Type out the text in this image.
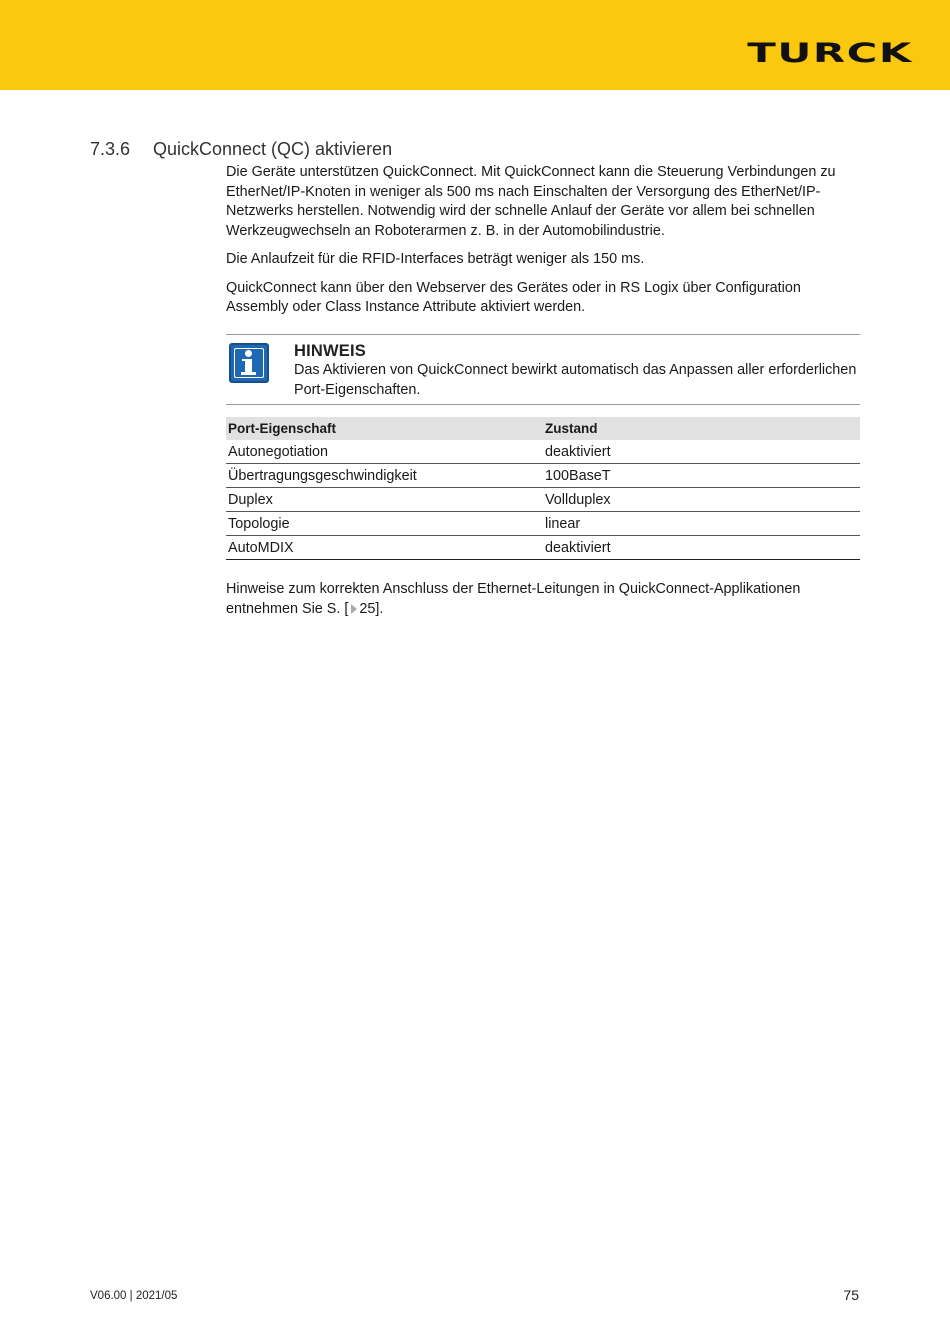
TURCK
7.3.6 QuickConnect (QC) aktivieren

Die Geräte unterstützen QuickConnect. Mit QuickConnect kann die Steuerung Verbindungen zu EtherNet/IP-Knoten in weniger als 500 ms nach Einschalten der Versorgung des EtherNet/IP-Netzwerks herstellen. Notwendig wird der schnelle Anlauf der Geräte vor allem bei schnellen Werkzeugwechseln an Roboterarmen z. B. in der Automobilindustrie.

Die Anlaufzeit für die RFID-Interfaces beträgt weniger als 150 ms.

QuickConnect kann über den Webserver des Gerätes oder in RS Logix über Configuration Assembly oder Class Instance Attribute aktiviert werden.

HINWEIS
Das Aktivieren von QuickConnect bewirkt automatisch das Anpassen aller erforderlichen Port-Eigenschaften.
Port-Eigenschaft	Zustand
Autonegotiation	deaktiviert
Übertragungsgeschwindigkeit	100BaseT
Duplex	Vollduplex
Topologie	linear
AutoMDIX	deaktiviert
Hinweise zum korrekten Anschluss der Ethernet-Leitungen in QuickConnect-Applikationen entnehmen Sie S. [ 25].
V06.00 | 2021/05	75
